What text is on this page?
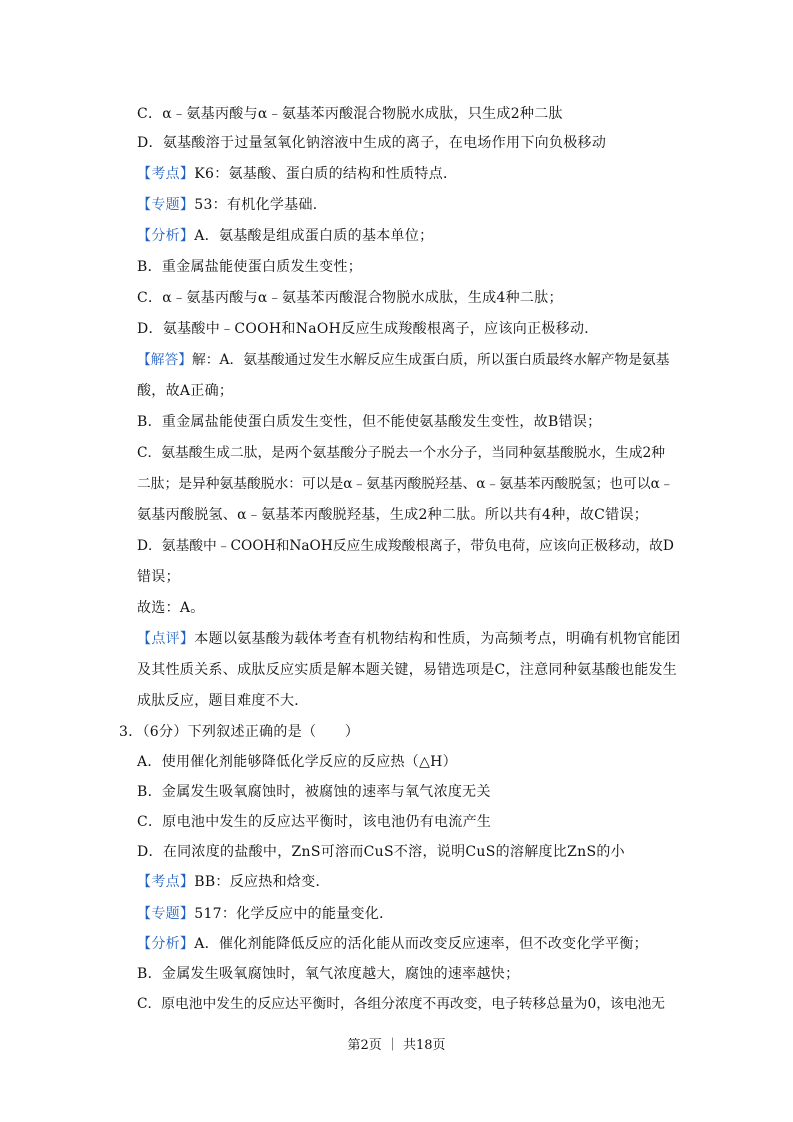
C．α﹣氨基丙酸与α﹣氨基苯丙酸混合物脱水成肽，只生成2种二肽
D．氨基酸溶于过量氢氧化钠溶液中生成的离子，在电场作用下向负极移动
【考点】K6：氨基酸、蛋白质的结构和性质特点．
【专题】53：有机化学基础．
【分析】A．氨基酸是组成蛋白质的基本单位；
B．重金属盐能使蛋白质发生变性；
C．α﹣氨基丙酸与α﹣氨基苯丙酸混合物脱水成肽，生成4种二肽；
D．氨基酸中﹣COOH和NaOH反应生成羧酸根离子，应该向正极移动．
【解答】解：A．氨基酸通过发生水解反应生成蛋白质，所以蛋白质最终水解产物是氨基
酸，故A正确；
B．重金属盐能使蛋白质发生变性，但不能使氨基酸发生变性，故B错误；
C．氨基酸生成二肽，是两个氨基酸分子脱去一个水分子，当同种氨基酸脱水，生成2种
二肽；是异种氨基酸脱水：可以是α﹣氨基丙酸脱羟基、α﹣氨基苯丙酸脱氢；也可以α﹣
氨基丙酸脱氢、α﹣氨基苯丙酸脱羟基，生成2种二肽。所以共有4种，故C错误；
D．氨基酸中﹣COOH和NaOH反应生成羧酸根离子，带负电荷，应该向正极移动，故D
错误；
故选：A。
【点评】本题以氨基酸为载体考查有机物结构和性质，为高频考点，明确有机物官能团
及其性质关系、成肽反应实质是解本题关键，易错选项是C，注意同种氨基酸也能发生
成肽反应，题目难度不大．
3．（6分）下列叙述正确的是（　　）
A．使用催化剂能够降低化学反应的反应热（△H）
B．金属发生吸氧腐蚀时，被腐蚀的速率与氧气浓度无关
C．原电池中发生的反应达平衡时，该电池仍有电流产生
D．在同浓度的盐酸中，ZnS可溶而CuS不溶，说明CuS的溶解度比ZnS的小
【考点】BB：反应热和焓变．
【专题】517：化学反应中的能量变化．
【分析】A．催化剂能降低反应的活化能从而改变反应速率，但不改变化学平衡；
B．金属发生吸氧腐蚀时，氧气浓度越大，腐蚀的速率越快；
C．原电池中发生的反应达平衡时，各组分浓度不再改变，电子转移总量为0，该电池无
第2页 ｜ 共18页
